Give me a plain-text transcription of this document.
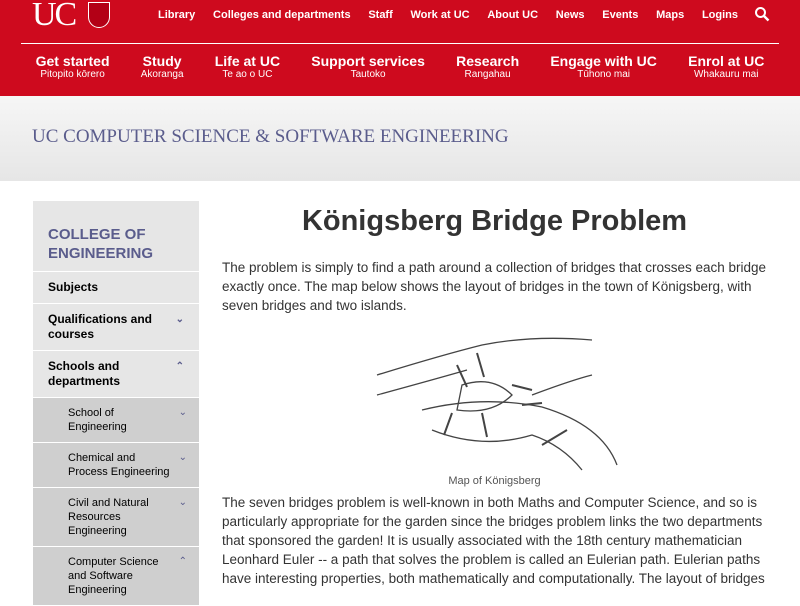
UC	Library Colleges and departments Staff Work at UC About UC News Events Maps Logins
Get started
Pitopito kōrero
Study
Akoranga
Life at UC
Te ao o UC
Support services
Tautoko
Research
Rangahau
Engage with UC
Tūhono mai
Enrol at UC
Whakauru mai
UC COMPUTER SCIENCE & SOFTWARE ENGINEERING
COLLEGE OF ENGINEERING
Subjects
Qualifications and courses
⌄
Schools and departments
⌃
School of Engineering
⌄
Chemical and Process Engineering
⌄
Civil and Natural Resources Engineering
⌄
Computer Science and Software Engineering
⌃
Königsberg Bridge Problem

The problem is simply to find a path around a collection of bridges that crosses each bridge exactly once. The map below shows the layout of bridges in the town of Königsberg, with seven bridges and two islands.

Map of Königsberg

The seven bridges problem is well-known in both Maths and Computer Science, and so is particularly appropriate for the garden since the bridges problem links the two departments that sponsored the garden! It is usually associated with the 18th century mathematician Leonhard Euler -- a path that solves the problem is called an Eulerian path. Eulerian paths have interesting properties, both mathematically and computationally. The layout of bridges
